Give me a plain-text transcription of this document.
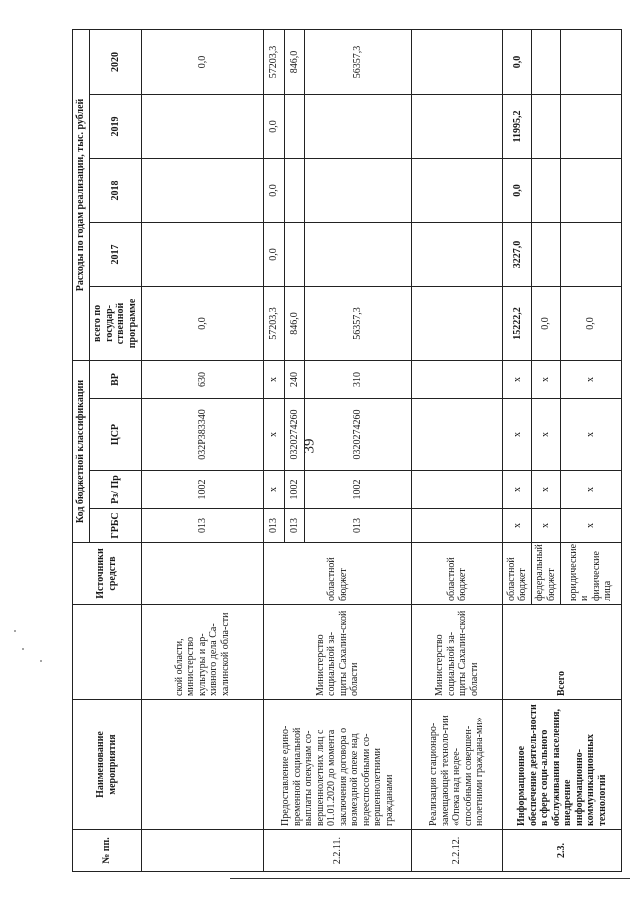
39
№ пп.	Наименование мероприятия		Источники средств	Код бюджетной классификации				Расходы по годам реализации, тыс. рублей				
				ГРБС	Рз/ Пр	ЦСР	ВР	всего по государ-ственной программе	2017	2018	2019	2020
		ской области, министерство культуры и ар-хивного дела Са-халинской обла-сти		013	1002	032P383340	630	0,0				0,0
2.2.11.	Предоставление едино-временной социальной выплаты опекунам со-вершеннолетних лиц с 01.01.2020 до момента заключения договора о возмездной опеке над недееспособными со-вершеннолетними гражданами	Министерство социальной за-щиты Сахалин-ской области	областной бюджет	013	х	х	х	57203,3	0,0	0,0	0,0	57203,3
				013	1002	0320274260	240	846,0				846,0
				013	1002	0320274260	310	56357,3				56357,3
2.2.12.	Реализация стационаро-замещающей техноло-гии «Опека над недее-способными совершен-нолетними граждана-ми»	Министерство социальной за-щиты Сахалин-ской области	областной бюджет									
2.3.	Информационное обеспечение деятель-ности в сфере соци-ального обслуживания населения, внедрение информационно-коммуникационных технологий	Всего	областной бюджет	х	х	х	х	15222,2	3227,0	0,0	11995,2	0,0
			федеральный бюджет	х	х	х	х	0,0				
			юридические и физические лица	х	х	х	х	0,0				
